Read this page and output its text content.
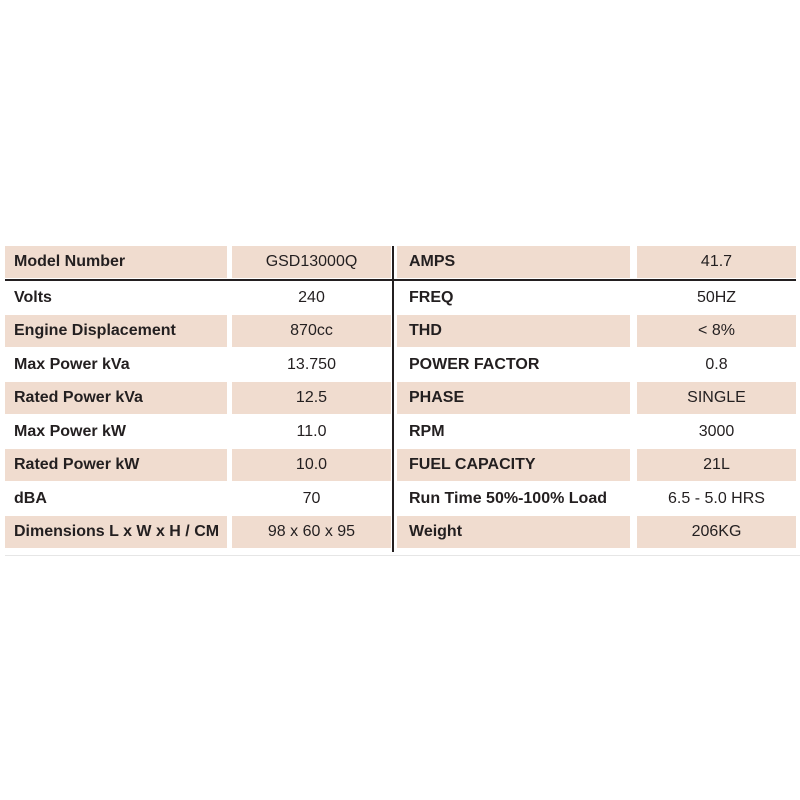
Model Number	GSD13000Q	AMPS	41.7
Volts	240	FREQ	50HZ
Engine Displacement	870cc	THD	< 8%
Max Power kVa	13.750	POWER FACTOR	0.8
Rated Power kVa	12.5	PHASE	SINGLE
Max Power kW	11.0	RPM	3000
Rated Power kW	10.0	FUEL CAPACITY	21L
dBA	70	Run Time 50%-100% Load	6.5 - 5.0 HRS
Dimensions L x W x H / CM	98 x 60 x 95	Weight	206KG
